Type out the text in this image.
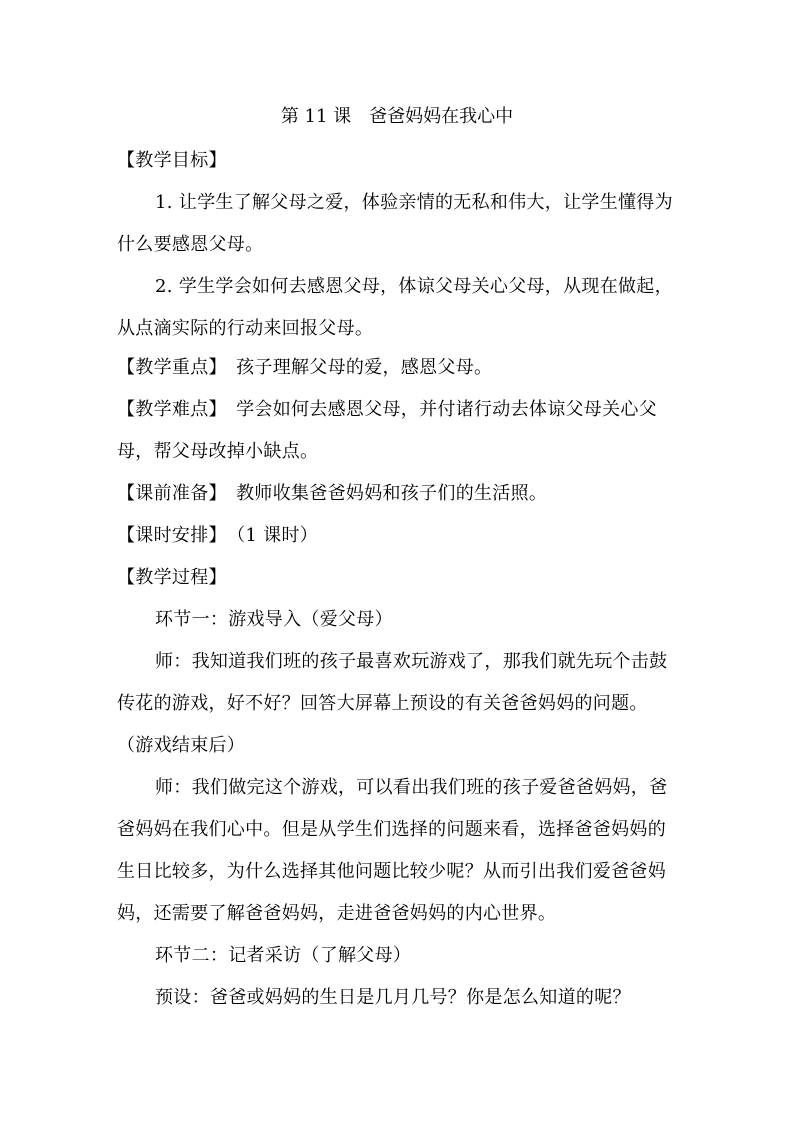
第 11 课　爸爸妈妈在我心中
【教学目标】
1. 让学生了解父母之爱，体验亲情的无私和伟大，让学生懂得为
什么要感恩父母。
2. 学生学会如何去感恩父母，体谅父母关心父母，从现在做起，
从点滴实际的行动来回报父母。
【教学重点】　孩子理解父母的爱，感恩父母。
【教学难点】　学会如何去感恩父母，并付诸行动去体谅父母关心父
母，帮父母改掉小缺点。
【课前准备】　教师收集爸爸妈妈和孩子们的生活照。
【课时安排】　（1 课时）
【教学过程】
环节一：游戏导入（爱父母）
师：我知道我们班的孩子最喜欢玩游戏了，那我们就先玩个击鼓
传花的游戏，好不好？回答大屏幕上预设的有关爸爸妈妈的问题。
（游戏结束后）
师：我们做完这个游戏，可以看出我们班的孩子爱爸爸妈妈，爸
爸妈妈在我们心中。但是从学生们选择的问题来看，选择爸爸妈妈的
生日比较多，为什么选择其他问题比较少呢？从而引出我们爱爸爸妈
妈，还需要了解爸爸妈妈，走进爸爸妈妈的内心世界。
环节二：记者采访（了解父母）
预设：爸爸或妈妈的生日是几月几号？你是怎么知道的呢？
